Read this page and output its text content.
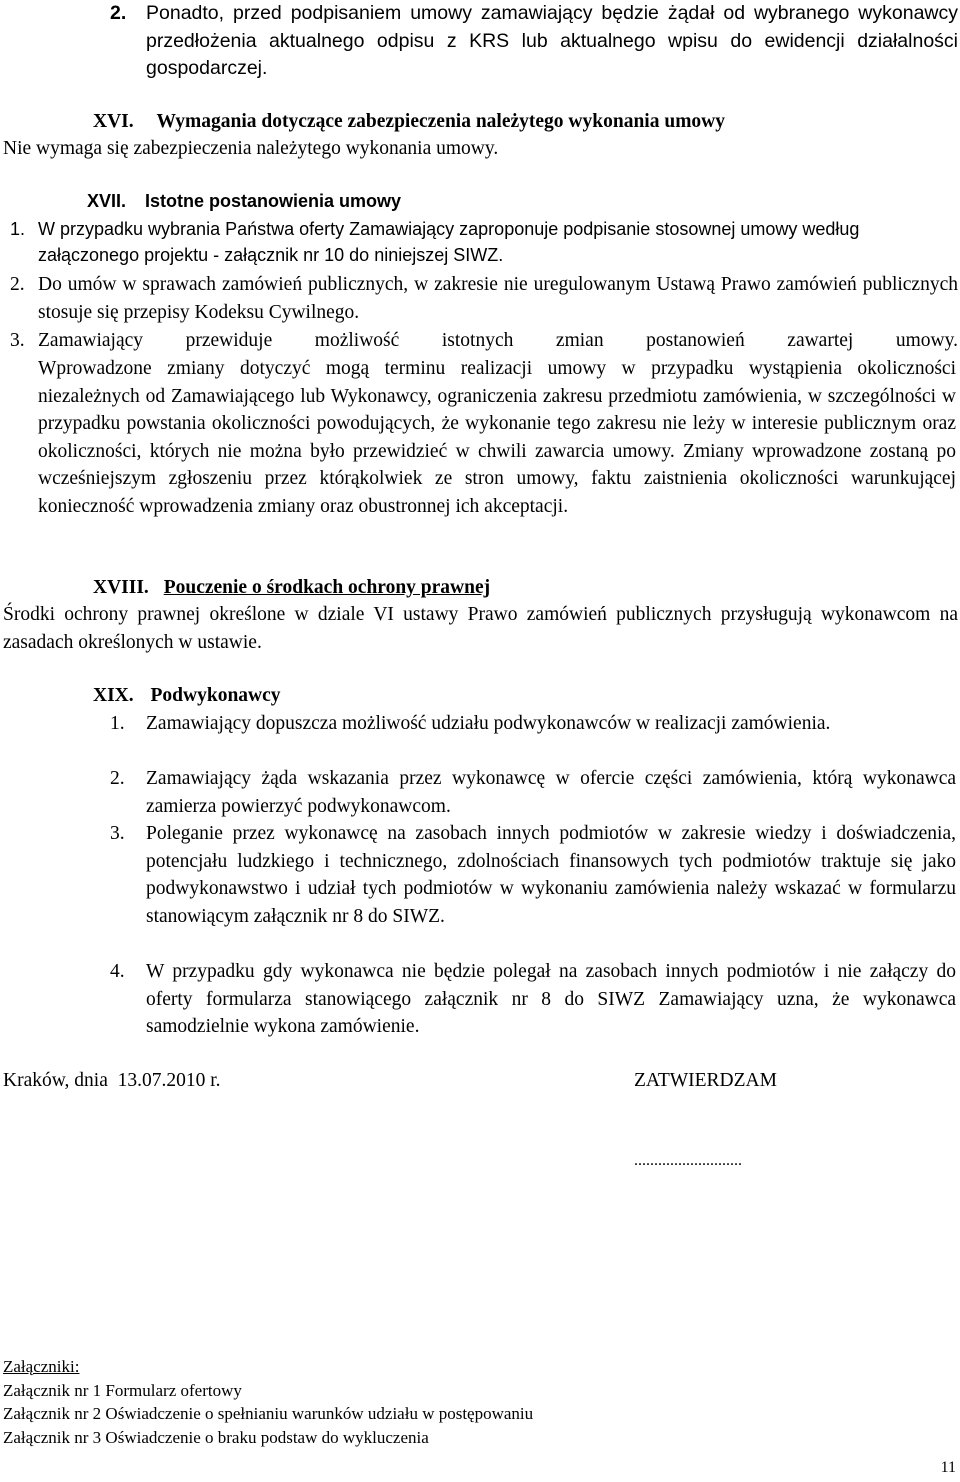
2. Ponadto, przed podpisaniem umowy zamawiający będzie żądał od wybranego wykonawcy przedłożenia aktualnego odpisu z KRS lub aktualnego wpisu do ewidencji działalności gospodarczej.
XVI. Wymagania dotyczące zabezpieczenia należytego wykonania umowy
Nie wymaga się zabezpieczenia należytego wykonania umowy.
XVII. Istotne postanowienia umowy
1. W przypadku wybrania Państwa oferty Zamawiający zaproponuje podpisanie stosownej umowy według załączonego projektu - załącznik nr 10 do niniejszej SIWZ.
2. Do umów w sprawach zamówień publicznych, w zakresie nie uregulowanym Ustawą Prawo zamówień publicznych stosuje się przepisy Kodeksu Cywilnego.
3. Zamawiający przewiduje możliwość istotnych zmian postanowień zawartej umowy.
Wprowadzone zmiany dotyczyć mogą terminu realizacji umowy w przypadku wystąpienia okoliczności niezależnych od Zamawiającego lub Wykonawcy, ograniczenia zakresu przedmiotu zamówienia, w szczególności w przypadku powstania okoliczności powodujących, że wykonanie tego zakresu nie leży w interesie publicznym oraz okoliczności, których nie można było przewidzieć w chwili zawarcia umowy. Zmiany wprowadzone zostaną po wcześniejszym zgłoszeniu przez którąkolwiek ze stron umowy, faktu zaistnienia okoliczności warunkującej konieczność wprowadzenia zmiany oraz obustronnej ich akceptacji.
XVIII. Pouczenie o środkach ochrony prawnej
Środki ochrony prawnej określone w dziale VI ustawy Prawo zamówień publicznych przysługują wykonawcom na zasadach określonych w ustawie.
XIX. Podwykonawcy
1. Zamawiający dopuszcza możliwość udziału podwykonawców w realizacji zamówienia.
2. Zamawiający żąda wskazania przez wykonawcę w ofercie części zamówienia, którą wykonawca zamierza powierzyć podwykonawcom.
3. Poleganie przez wykonawcę na zasobach innych podmiotów w zakresie wiedzy i doświadczenia, potencjału ludzkiego i technicznego, zdolnościach finansowych tych podmiotów traktuje się jako podwykonawstwo i udział tych podmiotów w wykonaniu zamówienia należy wskazać w formularzu stanowiącym załącznik nr 8 do SIWZ.
4. W przypadku gdy wykonawca nie będzie polegał na zasobach innych podmiotów i nie załączy do oferty formularza stanowiącego załącznik nr 8 do SIWZ Zamawiający uzna, że wykonawca samodzielnie wykona zamówienie.
Kraków, dnia  13.07.2010 r.	ZATWIERDZAM
...........................
Załączniki:
Załącznik nr 1 Formularz ofertowy
Załącznik nr 2 Oświadczenie o spełnianiu warunków udziału w postępowaniu
Załącznik nr 3 Oświadczenie o braku podstaw do wykluczenia
11
